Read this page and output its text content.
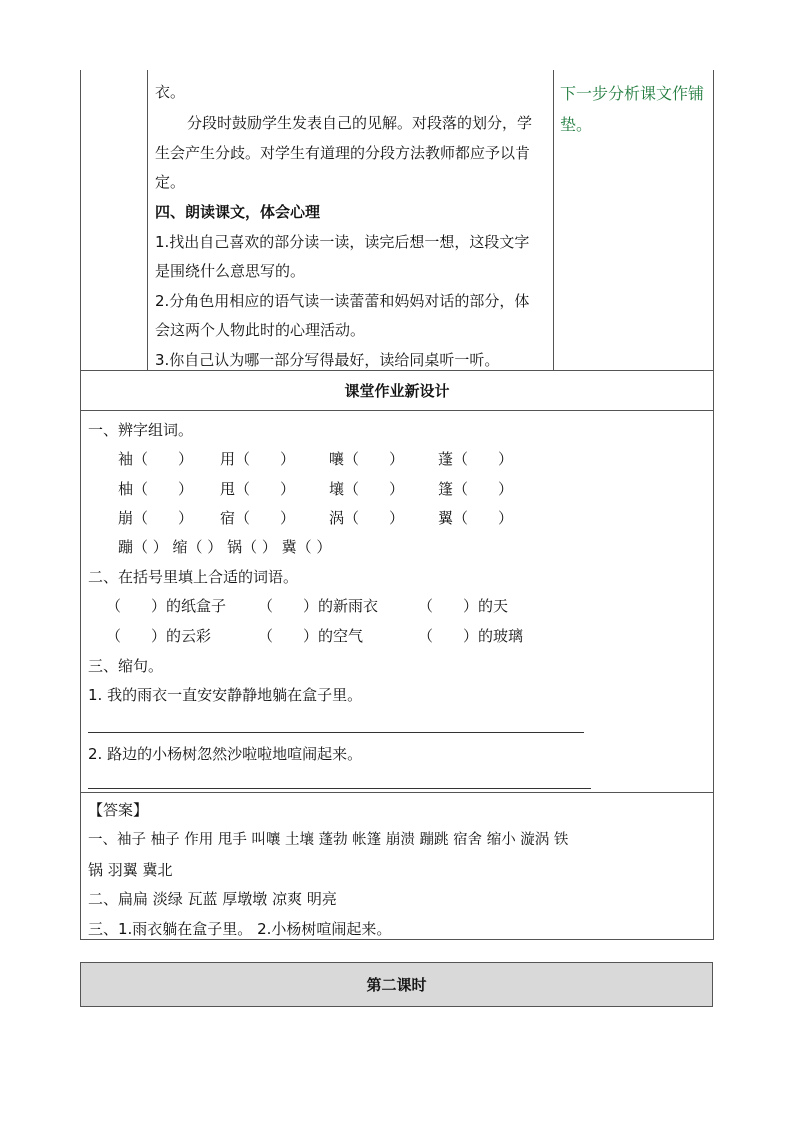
衣。
分段时鼓励学生发表自己的见解。对段落的划分，学
生会产生分歧。对学生有道理的分段方法教师都应予以肯
定。
四、朗读课文，体会心理
1.找出自己喜欢的部分读一读，读完后想一想，这段文字
是围绕什么意思写的。
2.分角色用相应的语气读一读蕾蕾和妈妈对话的部分，体
会这两个人物此时的心理活动。
3.你自己认为哪一部分写得最好，读给同桌听一听。
下一步分析课文作铺
垫。
课堂作业新设计
一、辨字组词。
袖（　　） 用（　　） 嚷（　　） 蓬（　　）
柚（　　） 甩（　　） 壤（　　） 篷（　　）
崩（　　） 宿（　　） 涡（　　） 翼（　　）
蹦（ ） 缩（ ） 锅（ ） 冀（ ）
二、在括号里填上合适的词语。
（　　）的纸盒子 （　　）的新雨衣	（　　）的天
（　　）的云彩	（　　）的空气	（　　）的玻璃
三、缩句。
1. 我的雨衣一直安安静静地躺在盒子里。
2. 路边的小杨树忽然沙啦啦地喧闹起来。
【答案】
一、袖子 柚子 作用 甩手 叫嚷 土壤 蓬勃 帐篷 崩溃 蹦跳 宿舍 缩小 漩涡 铁
锅 羽翼 冀北
二、扁扁 淡绿 瓦蓝 厚墩墩 凉爽 明亮
三、1.雨衣躺在盒子里。 2.小杨树喧闹起来。
第二课时
